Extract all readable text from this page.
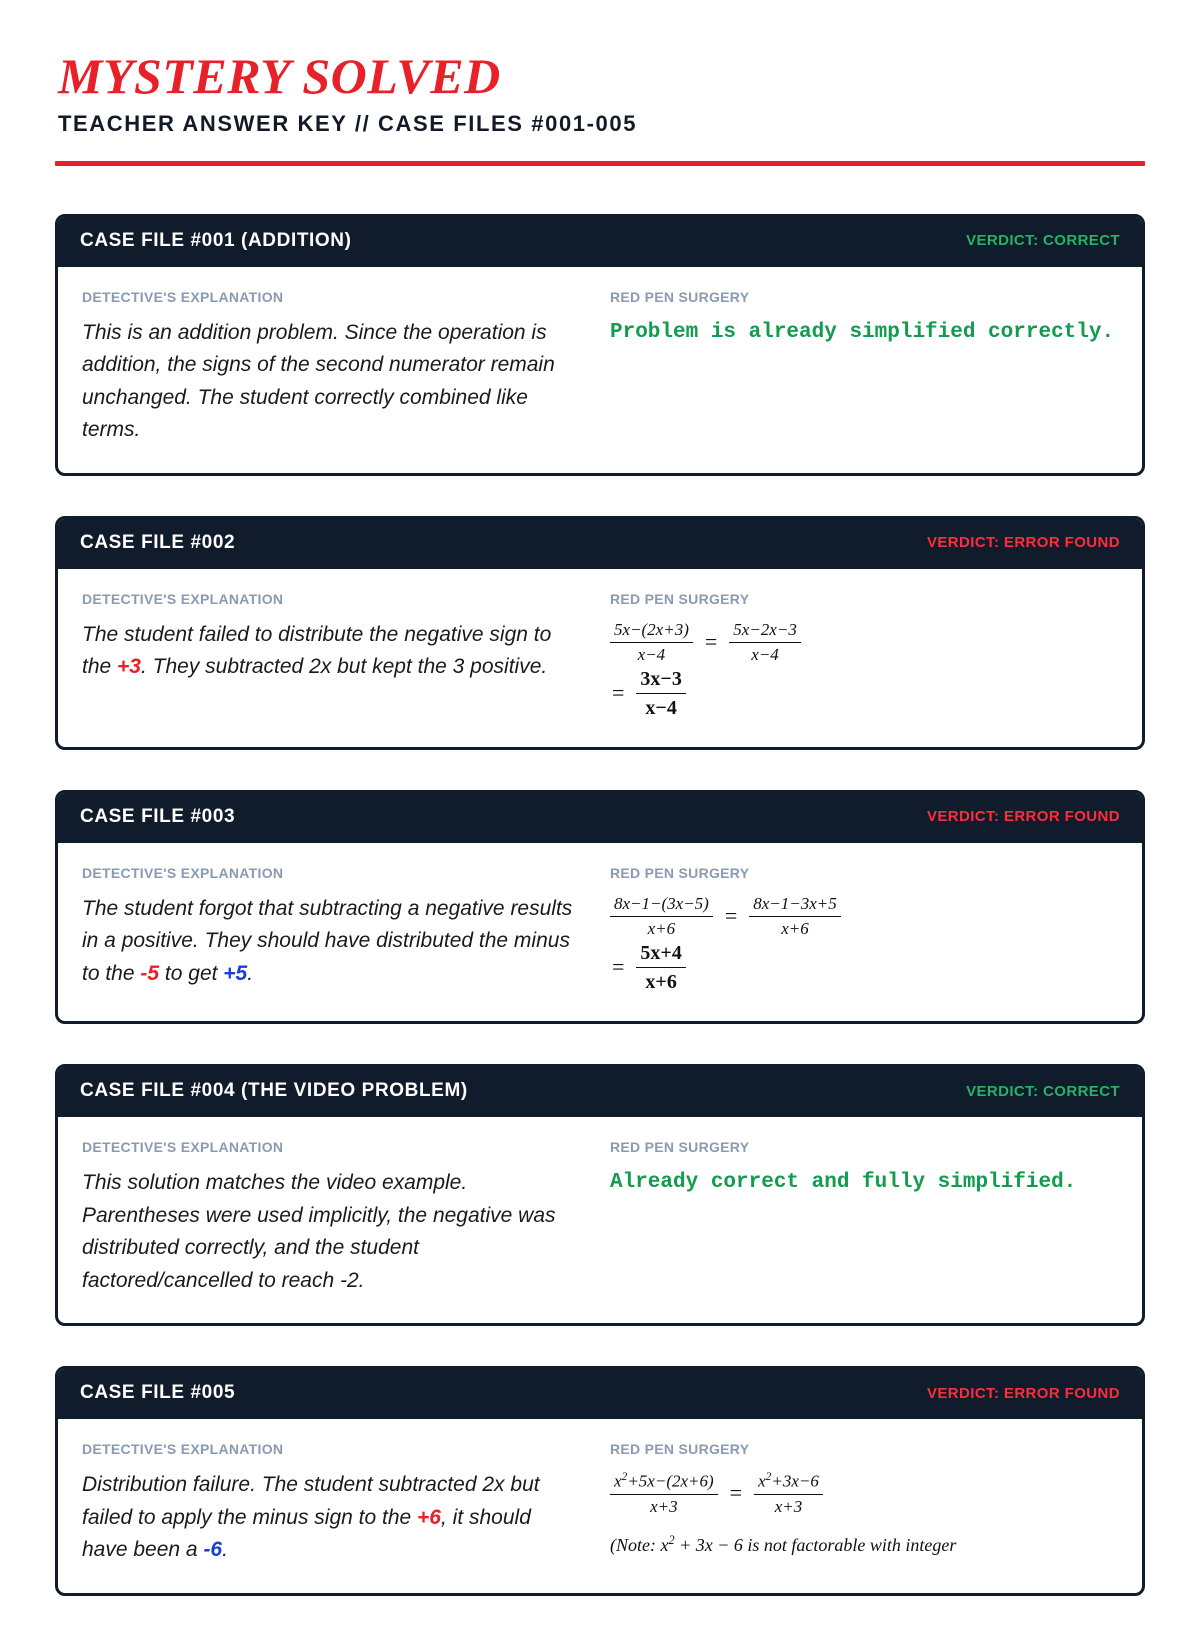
MYSTERY SOLVED

TEACHER ANSWER KEY // CASE FILES #001-005

CASE FILE #001 (ADDITION)	VERDICT: CORRECT
DETECTIVE'S EXPLANATION
This is an addition problem. Since the operation is addition, the signs of the second numerator remain unchanged. The student correctly combined like terms.
RED PEN SURGERY
Problem is already simplified correctly.
CASE FILE #002	VERDICT: ERROR FOUND
DETECTIVE'S EXPLANATION
The student failed to distribute the negative sign to the +3. They subtracted 2x but kept the 3 positive.
RED PEN SURGERY
$\frac{5x-(2x+3)}{x-4} = \frac{5x-2x-3}{x-4}$
= $\frac{3x-3}{x-4}$
CASE FILE #003	VERDICT: ERROR FOUND
DETECTIVE'S EXPLANATION
The student forgot that subtracting a negative results in a positive. They should have distributed the minus to the -5 to get +5.
RED PEN SURGERY
$\frac{8x-1-(3x-5)}{x+6} = \frac{8x-1-3x+5}{x+6}$
= $\frac{5x+4}{x+6}$
CASE FILE #004 (THE VIDEO PROBLEM)	VERDICT: CORRECT
DETECTIVE'S EXPLANATION
This solution matches the video example. Parentheses were used implicitly, the negative was distributed correctly, and the student factored/cancelled to reach -2.
RED PEN SURGERY
Already correct and fully simplified.
CASE FILE #005	VERDICT: ERROR FOUND
DETECTIVE'S EXPLANATION
Distribution failure. The student subtracted 2x but failed to apply the minus sign to the +6, it should have been a -6.
RED PEN SURGERY
$\frac{x^2+5x-(2x+6)}{x+3} = \frac{x^2+3x-6}{x+3}$
(Note: $x^2 + 3x - 6$ is not factorable with integer
